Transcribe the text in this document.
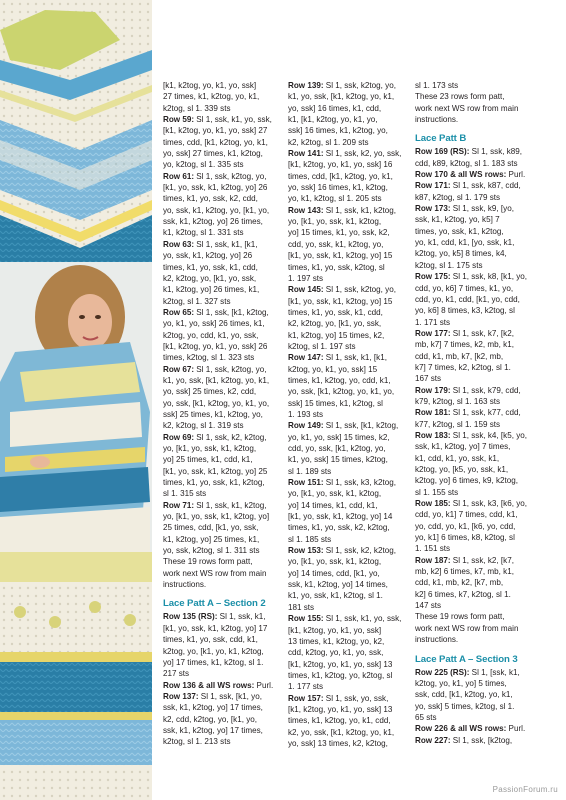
[k1, k2tog, yo, k1, yo, ssk]
27 times, k1, k2tog, yo, k1,
k2tog, sl 1. 339 sts
Row 59: Sl 1, ssk, k1, yo, ssk,
[k1, k2tog, yo, k1, yo, ssk] 27
times, cdd, [k1, k2tog, yo, k1,
yo, ssk] 27 times, k1, k2tog,
yo, k2tog, sl 1. 335 sts
Row 61: Sl 1, ssk, k2tog, yo,
[k1, yo, ssk, k1, k2tog, yo] 26
times, k1, yo, ssk, k2, cdd,
yo, ssk, k1, k2tog, yo, [k1, yo,
ssk, k1, k2tog, yo] 26 times,
k1, k2tog, sl 1. 331 sts
Row 63: Sl 1, ssk, k1, [k1,
yo, ssk, k1, k2tog, yo] 26
times, k1, yo, ssk, k1, cdd,
k2, k2tog, yo, [k1, yo, ssk,
k1, k2tog, yo] 26 times, k1,
k2tog, sl 1. 327 sts
Row 65: Sl 1, ssk, [k1, k2tog,
yo, k1, yo, ssk] 26 times, k1,
k2tog, yo, cdd, k1, yo, ssk,
[k1, k2tog, yo, k1, yo, ssk] 26
times, k2tog, sl 1. 323 sts
Row 67: Sl 1, ssk, k2tog, yo,
k1, yo, ssk, [k1, k2tog, yo, k1,
yo, ssk] 25 times, k2, cdd,
yo, ssk, [k1, k2tog, yo, k1, yo,
ssk] 25 times, k1, k2tog, yo,
k2, k2tog, sl 1. 319 sts
Row 69: Sl 1, ssk, k2, k2tog,
yo, [k1, yo, ssk, k1, k2tog,
yo] 25 times, k1, cdd, k1,
[k1, yo, ssk, k1, k2tog, yo] 25
times, k1, yo, ssk, k1, k2tog,
sl 1. 315 sts
Row 71: Sl 1, ssk, k1, k2tog,
yo, [k1, yo, ssk, k1, k2tog, yo]
25 times, cdd, [k1, yo, ssk,
k1, k2tog, yo] 25 times, k1,
yo, ssk, k2tog, sl 1. 311 sts
These 19 rows form patt,
work next WS row from main
instructions.
Lace Patt A – Section 2
Row 135 (RS): Sl 1, ssk, k1,
[k1, yo, ssk, k1, k2tog, yo] 17
times, k1, yo, ssk, cdd, k1,
k2tog, yo, [k1, yo, k1, k2tog,
yo] 17 times, k1, k2tog, sl 1.
217 sts
Row 136 & all WS rows: Purl.
Row 137: Sl 1, ssk, [k1, yo,
ssk, k1, k2tog, yo] 17 times,
k2, cdd, k2tog, yo, [k1, yo,
ssk, k1, k2tog, yo] 17 times,
k2tog, sl 1. 213 sts
Row 139: Sl 1, ssk, k2tog, yo,
k1, yo, ssk, [k1, k2tog, yo, k1,
yo, ssk] 16 times, k1, cdd,
k1, [k1, k2tog, yo, k1, yo,
ssk] 16 times, k1, k2tog, yo,
k2, k2tog, sl 1. 209 sts
Row 141: Sl 1, ssk, k2, yo, ssk,
[k1, k2tog, yo, k1, yo, ssk] 16
times, cdd, [k1, k2tog, yo, k1,
yo, ssk] 16 times, k1, k2tog,
yo, k1, k2tog, sl 1. 205 sts
Row 143: Sl 1, ssk, k1, k2tog,
yo, [k1, yo, ssk, k1, k2tog,
yo] 15 times, k1, yo, ssk, k2,
cdd, yo, ssk, k1, k2tog, yo,
[k1, yo, ssk, k1, k2tog, yo] 15
times, k1, yo, ssk, k2tog, sl
1. 197 sts
Row 145: Sl 1, ssk, k2tog, yo,
[k1, yo, ssk, k1, k2tog, yo] 15
times, k1, yo, ssk, k1, cdd,
k2, k2tog, yo, [k1, yo, ssk,
k1, k2tog, yo] 15 times, k2,
k2tog, sl 1. 197 sts
Row 147: Sl 1, ssk, k1, [k1,
k2tog, yo, k1, yo, ssk] 15
times, k1, k2tog, yo, cdd, k1,
yo, ssk, [k1, k2tog, yo, k1, yo,
ssk] 15 times, k1, k2tog, sl
1. 193 sts
Row 149: Sl 1, ssk, [k1, k2tog,
yo, k1, yo, ssk] 15 times, k2,
cdd, yo, ssk, [k1, k2tog, yo,
k1, yo, ssk] 15 times, k2tog,
sl 1. 189 sts
Row 151: Sl 1, ssk, k3, k2tog,
yo, [k1, yo, ssk, k1, k2tog,
yo] 14 times, k1, cdd, k1,
[k1, yo, ssk, k1, k2tog, yo] 14
times, k1, yo, ssk, k2, k2tog,
sl 1. 185 sts
Row 153: Sl 1, ssk, k2, k2tog,
yo, [k1, yo, ssk, k1, k2tog,
yo] 14 times, cdd, [k1, yo,
ssk, k1, k2tog, yo] 14 times,
k1, yo, ssk, k1, k2tog, sl 1.
181 sts
Row 155: Sl 1, ssk, k1, yo, ssk,
[k1, k2tog, yo, k1, yo, ssk]
13 times, k1, k2tog, yo, k2,
cdd, k2tog, yo, k1, yo, ssk,
[k1, k2tog, yo, k1, yo, ssk] 13
times, k1, k2tog, yo, k2tog, sl
1. 177 sts
Row 157: Sl 1, ssk, yo, ssk,
[k1, k2tog, yo, k1, yo, ssk] 13
times, k1, k2tog, yo, k1, cdd,
k2, yo, ssk, [k1, k2tog, yo, k1,
yo, ssk] 13 times, k2, k2tog,
sl 1. 173 sts
These 23 rows form patt,
work next WS row from main
instructions.
Lace Patt B
Row 169 (RS): Sl 1, ssk, k89,
cdd, k89, k2tog, sl 1. 183 sts
Row 170 & all WS rows: Purl.
Row 171: Sl 1, ssk, k87, cdd,
k87, k2tog, sl 1. 179 sts
Row 173: Sl 1, ssk, k9, [yo,
ssk, k1, k2tog, yo, k5] 7
times, yo, ssk, k1, k2tog,
yo, k1, cdd, k1, [yo, ssk, k1,
k2tog, yo, k5] 8 times, k4,
k2tog, sl 1. 175 sts
Row 175: Sl 1, ssk, k8, [k1, yo,
cdd, yo, k6] 7 times, k1, yo,
cdd, yo, k1, cdd, [k1, yo, cdd,
yo, k6] 8 times, k3, k2tog, sl
1. 171 sts
Row 177: Sl 1, ssk, k7, [k2,
mb, k7] 7 times, k2, mb, k1,
cdd, k1, mb, k7, [k2, mb,
k7] 7 times, k2, k2tog, sl 1.
167 sts
Row 179: Sl 1, ssk, k79, cdd,
k79, k2tog, sl 1. 163 sts
Row 181: Sl 1, ssk, k77, cdd,
k77, k2tog, sl 1. 159 sts
Row 183: Sl 1, ssk, k4, [k5, yo,
ssk, k1, k2tog, yo] 7 times,
k1, cdd, k1, yo, ssk, k1,
k2tog, yo, [k5, yo, ssk, k1,
k2tog, yo] 6 times, k9, k2tog,
sl 1. 155 sts
Row 185: Sl 1, ssk, k3, [k6, yo,
cdd, yo, k1] 7 times, cdd, k1,
yo, cdd, yo, k1, [k6, yo, cdd,
yo, k1] 6 times, k8, k2tog, sl
1. 151 sts
Row 187: Sl 1, ssk, k2, [k7,
mb, k2] 6 times, k7, mb, k1,
cdd, k1, mb, k2, [k7, mb,
k2] 6 times, k7, k2tog, sl 1.
147 sts
These 19 rows form patt,
work next WS row from main
instructions.
Lace Patt A – Section 3
Row 225 (RS): Sl 1, [ssk, k1,
k2tog, yo, k1, yo] 5 times,
ssk, cdd, [k1, k2tog, yo, k1,
yo, ssk] 5 times, k2tog, sl 1.
65 sts
Row 226 & all WS rows: Purl.
Row 227: Sl 1, ssk, [k2tog,
PassionForum.ru
